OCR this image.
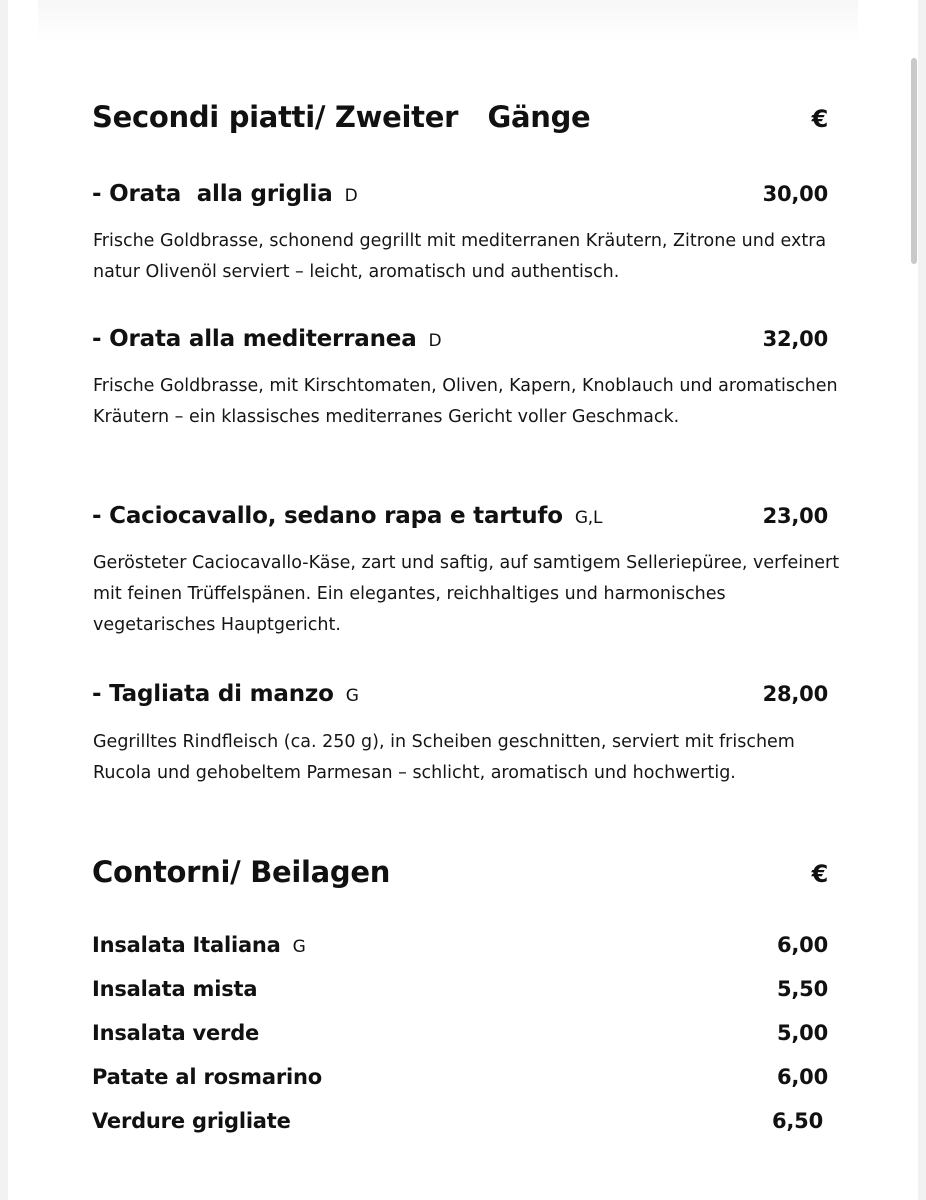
Secondi piatti/ Zweiter   Gänge	€
- Orata  alla griglia D	30,00
Frische Goldbrasse, schonend gegrillt mit mediterranen Kräutern, Zitrone und extra natur Olivenöl serviert – leicht, aromatisch und authentisch.
- Orata alla mediterranea D	32,00
Frische Goldbrasse, mit Kirschtomaten, Oliven, Kapern, Knoblauch und aromatischen Kräutern – ein klassisches mediterranes Gericht voller Geschmack.
- Caciocavallo, sedano rapa e tartufo G,L	23,00
Gerösteter Caciocavallo-Käse, zart und saftig, auf samtigem Selleriepüree, verfeinert mit feinen Trüffelspänen. Ein elegantes, reichhaltiges und harmonisches vegetarisches Hauptgericht.
- Tagliata di manzo G	28,00
Gegrilltes Rindfleisch (ca. 250 g), in Scheiben geschnitten, serviert mit frischem Rucola und gehobeltem Parmesan – schlicht, aromatisch und hochwertig.
Contorni/ Beilagen	€
Insalata Italiana G	6,00
Insalata mista	5,50
Insalata verde	5,00
Patate al rosmarino	6,00
Verdure grigliate	6,50
